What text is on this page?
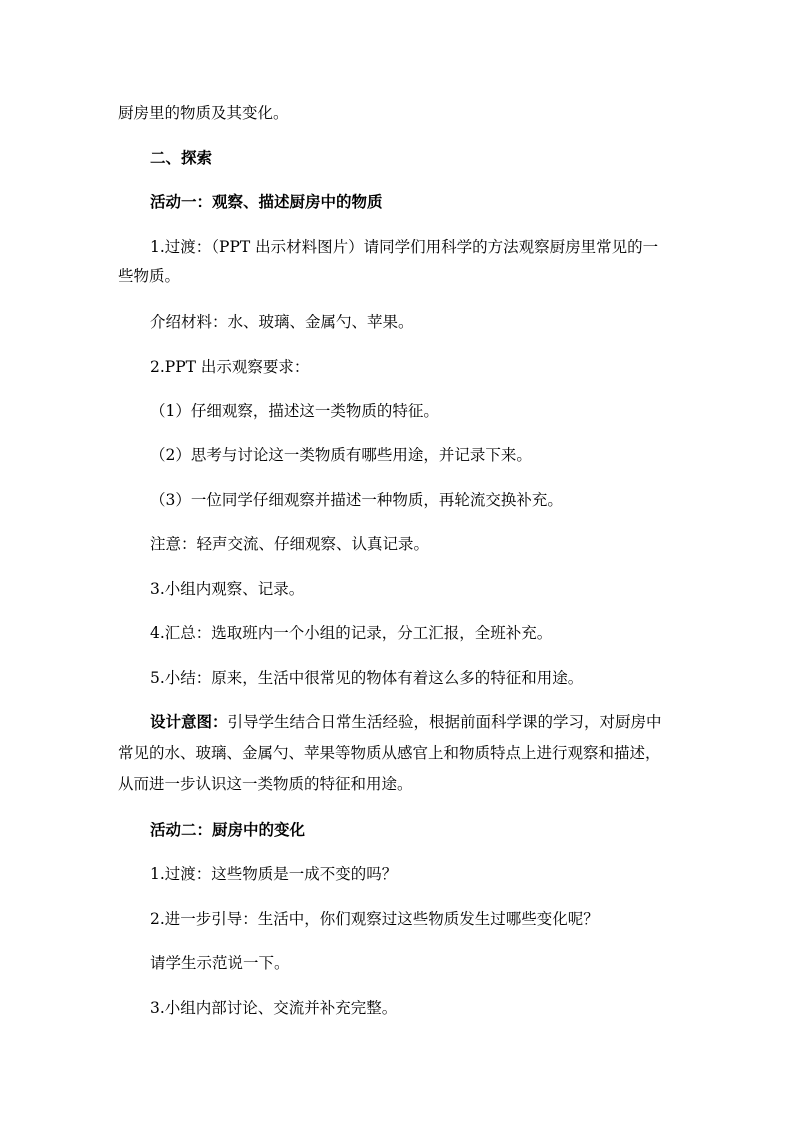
厨房里的物质及其变化。
二、探索
活动一：观察、描述厨房中的物质
1.过渡：（PPT 出示材料图片）请同学们用科学的方法观察厨房里常见的一
些物质。
介绍材料：水、玻璃、金属勺、苹果。
2.PPT 出示观察要求：
（1）仔细观察，描述这一类物质的特征。
（2）思考与讨论这一类物质有哪些用途，并记录下来。
（3）一位同学仔细观察并描述一种物质，再轮流交换补充。
注意：轻声交流、仔细观察、认真记录。
3.小组内观察、记录。
4.汇总：选取班内一个小组的记录，分工汇报，全班补充。
5.小结：原来，生活中很常见的物体有着这么多的特征和用途。
设计意图：引导学生结合日常生活经验，根据前面科学课的学习，对厨房中
常见的水、玻璃、金属勺、苹果等物质从感官上和物质特点上进行观察和描述，
从而进一步认识这一类物质的特征和用途。
活动二：厨房中的变化
1.过渡：这些物质是一成不变的吗？
2.进一步引导：生活中，你们观察过这些物质发生过哪些变化呢？
请学生示范说一下。
3.小组内部讨论、交流并补充完整。
